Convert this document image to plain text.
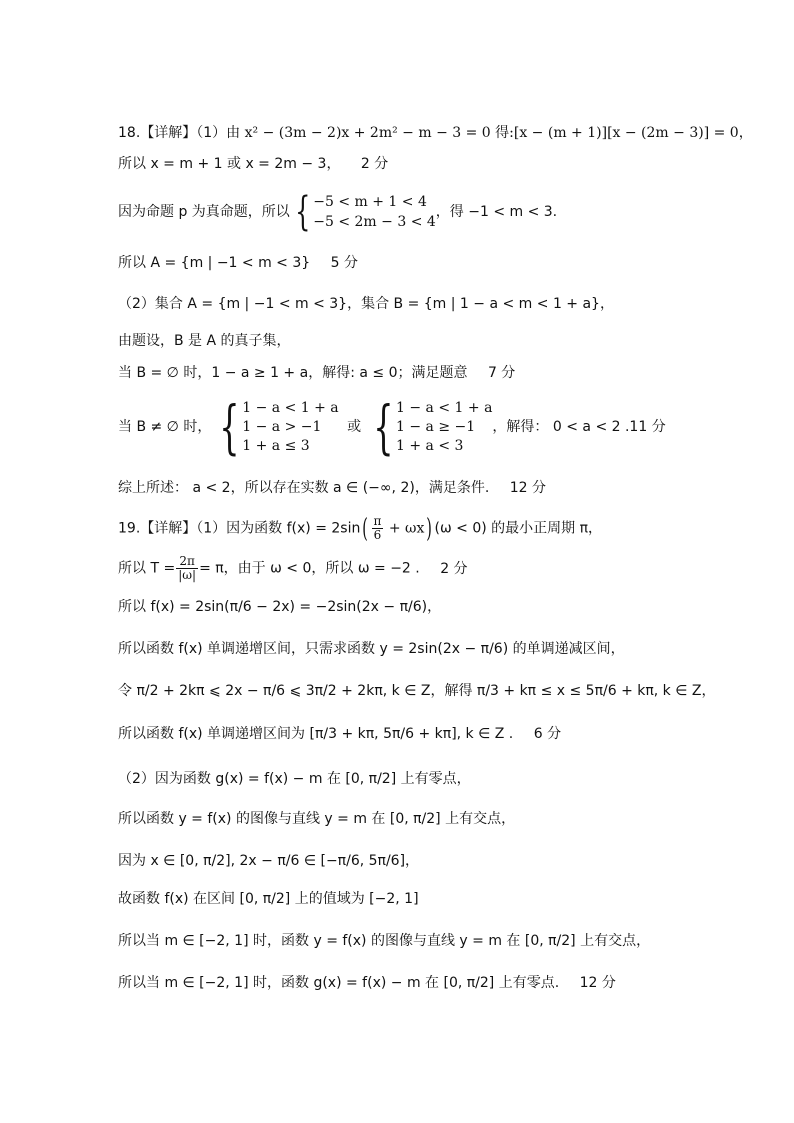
18.【详解】（1）由 x² − (3m − 2)x + 2m² − m − 3 = 0 得:[x − (m + 1)][x − (2m − 3)] = 0，
所以 x = m + 1 或 x = 2m − 3， 2 分
因为命题 p 为真命题，所以 { −5 < m + 1 < 4
−5 < 2m − 3 < 4
，得 −1 < m < 3.
所以 A = {m | −1 < m < 3} 5 分
（2）集合 A = {m | −1 < m < 3}，集合 B = {m | 1 − a < m < 1 + a}，
由题设，B 是 A 的真子集，
当 B = ∅ 时，1 − a ≥ 1 + a，解得: a ≤ 0；满足题意 7 分
当 B ≠ ∅ 时， { 1 − a < 1 + a
1 − a > −1
1 + a ≤ 3
或 { 1 − a < 1 + a
1 − a ≥ −1
1 + a < 3
，解得： 0 < a < 2 .11 分
综上所述： a < 2，所以存在实数 a ∈ (−∞, 2)，满足条件. 12 分
19.【详解】（1）因为函数 $f(x) = 2\sin( \frac{\pi}{6} + \omega x)$ (ω < 0) 的最小正周期 π，
所以 $T = \frac{2\pi}{|\omega|} = \pi$，由于 ω < 0，所以 ω = −2 . 2 分
所以 f(x) = 2sin(π/6 − 2x) = −2sin(2x − π/6)，
所以函数 f(x) 单调递增区间，只需求函数 y = 2sin(2x − π/6) 的单调递减区间，
令 π/2 + 2kπ ⩽ 2x − π/6 ⩽ 3π/2 + 2kπ, k ∈ Z，解得 π/3 + kπ ≤ x ≤ 5π/6 + kπ, k ∈ Z，
所以函数 f(x) 单调递增区间为 [π/3 + kπ, 5π/6 + kπ], k ∈ Z . 6 分
（2）因为函数 g(x) = f(x) − m 在 [0, π/2] 上有零点，
所以函数 y = f(x) 的图像与直线 y = m 在 [0, π/2] 上有交点，
因为 x ∈ [0, π/2], 2x − π/6 ∈ [−π/6, 5π/6]，
故函数 f(x) 在区间 [0, π/2] 上的值域为 [−2, 1]
所以当 m ∈ [−2, 1] 时，函数 y = f(x) 的图像与直线 y = m 在 [0, π/2] 上有交点，
所以当 m ∈ [−2, 1] 时，函数 g(x) = f(x) − m 在 [0, π/2] 上有零点. 12 分
